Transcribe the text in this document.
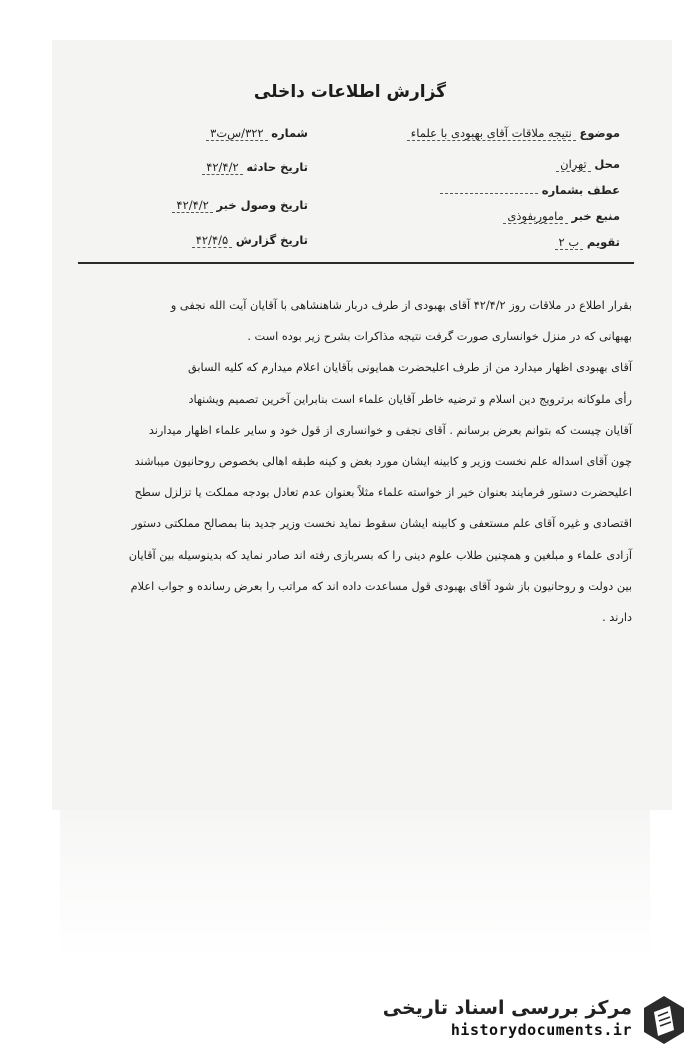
گزارش اطلاعات داخلی
موضوع نتیجه ملاقات آقای بهبودی با علماء
محل تهران
عطف بشماره
منبع خبر ماموربفوذی
تقویم ب ۲
شماره ۳۲۲/س‌ت۳
تاریخ حادثه ۴۲/۴/۲
تاریخ وصول خبر ۴۲/۴/۲
تاریخ گزارش ۴۲/۴/۵

بقرار اطلاع در ملاقات روز ۴۲/۴/۲ آقای بهبودی از طرف دربار شاهنشاهی با آقایان آیت الله نجفی و

بهبهانی که در منزل خوانساری صورت گرفت نتیجه مذاکرات بشرح زیر بوده است .

آقای بهبودی اظهار میدارد من از طرف اعلیحضرت همایونی بآقایان اعلام میدارم که کلیه السابق

رأی ملوکانه برترویج دین اسلام و ترضیه خاطر آقایان علماء است بنابراین آخرین تصمیم ویشنهاد

آقایان چیست که بتوانم بعرض برسانم . آقای نجفی و خوانساری از قول خود و سایر علماء اظهار میدارند

چون آقای اسداله علم نخست وزیر و کابینه ایشان مورد بغض و کینه طبقه اهالی بخصوص روحانیون میباشند

اعلیحضرت دستور فرمایند بعنوان خیر از خواسته علماء مثلاً بعنوان عدم تعادل بودجه مملکت یا تزلزل سطح

اقتصادی و غیره آقای علم مستعفی و کابینه ایشان سقوط نماید نخست وزیر جدید بنا بمصالح مملکتی دستور

آزادی علماء و مبلغین و همچنین طلاب علوم دینی را که بسربازی رفته اند صادر نماید که بدینوسیله بین آقایان

بین دولت و روحانیون باز شود آقای بهبودی قول مساعدت داده اند که مراتب را بعرض رسانده و جواب اعلام

دارند .

مرکز بررسی اسناد تاریخی
historydocuments.ir
